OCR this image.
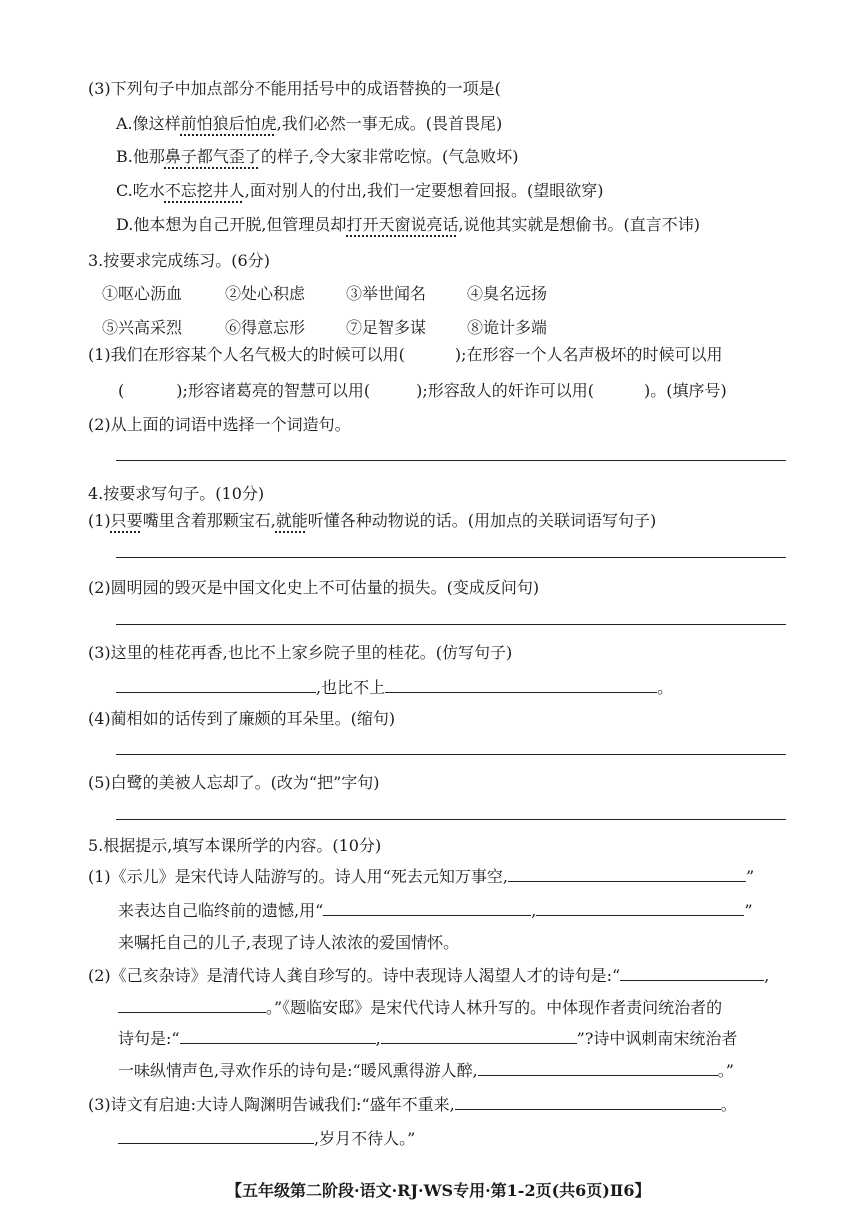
(3)下列句子中加点部分不能用括号中的成语替换的一项是(
A.像这样前怕狼后怕虎,我们必然一事无成。(畏首畏尾)
B.他那鼻子都气歪了的样子,令大家非常吃惊。(气急败坏)
C.吃水不忘挖井人,面对别人的付出,我们一定要想着回报。(望眼欲穿)
D.他本想为自己开脱,但管理员却打开天窗说亮话,说他其实就是想偷书。(直言不讳)
3.按要求完成练习。(6分)
①呕心沥血	②处心积虑	③举世闻名	④臭名远扬
⑤兴高采烈	⑥得意忘形	⑦足智多谋	⑧诡计多端
(1)我们在形容某个人名气极大的时候可以用(	);在形容一个人名声极坏的时候可以用
(	);形容诸葛亮的智慧可以用(	);形容敌人的奸诈可以用(	)。(填序号)
(2)从上面的词语中选择一个词造句。
4.按要求写句子。(10分)
(1)只要嘴里含着那颗宝石,就能听懂各种动物说的话。(用加点的关联词语写句子)
(2)圆明园的毁灭是中国文化史上不可估量的损失。(变成反问句)
(3)这里的桂花再香,也比不上家乡院子里的桂花。(仿写句子)
,也比不上	。
(4)蔺相如的话传到了廉颇的耳朵里。(缩句)
(5)白鹭的美被人忘却了。(改为“把”字句)
5.根据提示,填写本课所学的内容。(10分)
(1)《示儿》是宋代诗人陆游写的。诗人用“死去元知万事空,	”
来表达自己临终前的遗憾,用“	,	”
来嘱托自己的儿子,表现了诗人浓浓的爱国情怀。
(2)《己亥杂诗》是清代诗人龚自珍写的。诗中表现诗人渴望人才的诗句是:“	,
。”《题临安邸》是宋代代诗人林升写的。中体现作者责问统治者的
诗句是:“	,	”?诗中讽刺南宋统治者
一味纵情声色,寻欢作乐的诗句是:“暖风熏得游人醉,	。”
(3)诗文有启迪:大诗人陶渊明告诫我们:“盛年不重来,	。
,岁月不待人。”
【五年级第二阶段·语文·RJ·WS专用·第1-2页(共6页)Ⅱ6】
